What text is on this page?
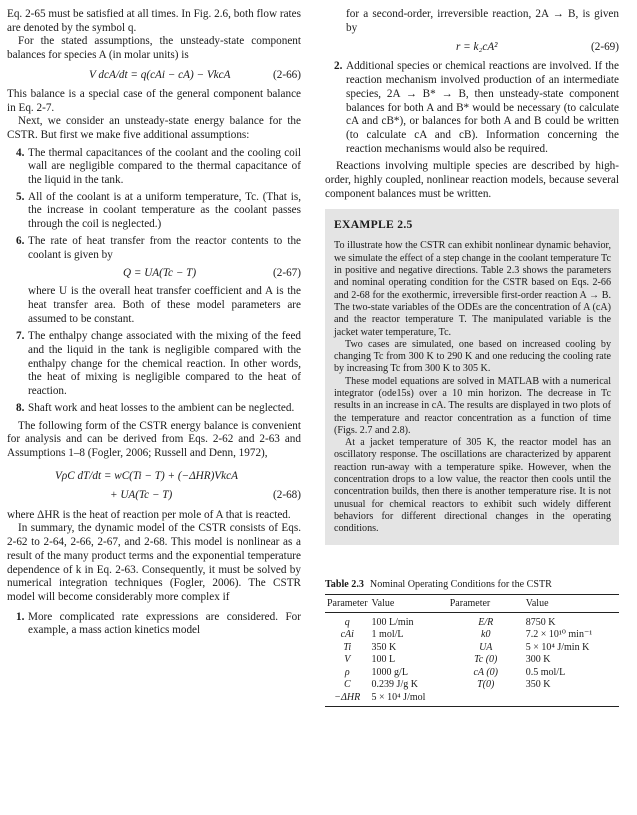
Eq. 2-65 must be satisfied at all times. In Fig. 2.6, both flow rates are denoted by the symbol q.

For the stated assumptions, the unsteady-state component balances for species A (in molar units) is

V dcA/dt = q(cAi − cA) − VkcA	(2-66)

This balance is a special case of the general component balance in Eq. 2-7.

Next, we consider an unsteady-state energy balance for the CSTR. But first we make five additional assumptions:

4. The thermal capacitances of the coolant and the cooling coil wall are negligible compared to the thermal capacitance of the liquid in the tank.
5. All of the coolant is at a uniform temperature, Tc. (That is, the increase in coolant temperature as the coolant passes through the coil is neglected.)
6. The rate of heat transfer from the reactor contents to the coolant is given by
Q = UA(Tc − T)	(2-67)

where U is the overall heat transfer coefficient and A is the heat transfer area. Both of these model parameters are assumed to be constant.

7. The enthalpy change associated with the mixing of the feed and the liquid in the tank is negligible compared with the enthalpy change for the chemical reaction. In other words, the heat of mixing is negligible compared to the heat of reaction.
8. Shaft work and heat losses to the ambient can be neglected.

The following form of the CSTR energy balance is convenient for analysis and can be derived from Eqs. 2-62 and 2-63 and Assumptions 1–8 (Fogler, 2006; Russell and Denn, 1972),

VρC dT/dt = wC(Ti − T) + (−ΔHR)VkcA
+ UA(Tc − T)	(2-68)

where ΔHR is the heat of reaction per mole of A that is reacted.

In summary, the dynamic model of the CSTR consists of Eqs. 2-62 to 2-64, 2-66, 2-67, and 2-68. This model is nonlinear as a result of the many product terms and the exponential temperature dependence of k in Eq. 2-63. Consequently, it must be solved by numerical integration techniques (Fogler, 2006). The CSTR model will become considerably more complex if

1. More complicated rate expressions are considered. For example, a mass action kinetics model

for a second-order, irreversible reaction, 2A → B, is given by

r = k₂cA²	(2-69)
2. Additional species or chemical reactions are involved. If the reaction mechanism involved production of an intermediate species, 2A → B* → B, then unsteady-state component balances for both A and B* would be necessary (to calculate cA and cB*), or balances for both A and B could be written (to calculate cA and cB). Information concerning the reaction mechanisms would also be required.

Reactions involving multiple species are described by high-order, highly coupled, nonlinear reaction models, because several component balances must be written.

EXAMPLE 2.5

To illustrate how the CSTR can exhibit nonlinear dynamic behavior, we simulate the effect of a step change in the coolant temperature Tc in positive and negative directions. Table 2.3 shows the parameters and nominal operating condition for the CSTR based on Eqs. 2-66 and 2-68 for the exothermic, irreversible first-order reaction A → B. The two-state variables of the ODEs are the concentration of A (cA) and the reactor temperature T. The manipulated variable is the jacket water temperature, Tc.

Two cases are simulated, one based on increased cooling by changing Tc from 300 K to 290 K and one reducing the cooling rate by increasing Tc from 300 K to 305 K.

These model equations are solved in MATLAB with a numerical integrator (ode15s) over a 10 min horizon. The decrease in Tc results in an increase in cA. The results are displayed in two plots of the temperature and reactor concentration as a function of time (Figs. 2.7 and 2.8).

At a jacket temperature of 305 K, the reactor model has an oscillatory response. The oscillations are characterized by apparent reaction run-away with a temperature spike. However, when the concentration drops to a low value, the reactor then cools until the concentration builds, then there is another temperature rise. It is not unusual for chemical reactors to exhibit such widely different behaviors for different directional changes in the operating conditions.

Table 2.3 Nominal Operating Conditions for the CSTR
Parameter	Value	Parameter	Value
q	100 L/min	E/R	8750 K
cAi	1 mol/L	k0	7.2 × 10¹⁰ min⁻¹
Ti	350 K	UA	5 × 10⁴ J/min K
V	100 L	Tc (0)	300 K
ρ	1000 g/L	cA (0)	0.5 mol/L
C	0.239 J/g K	T(0)	350 K
−ΔHR	5 × 10⁴ J/mol		
